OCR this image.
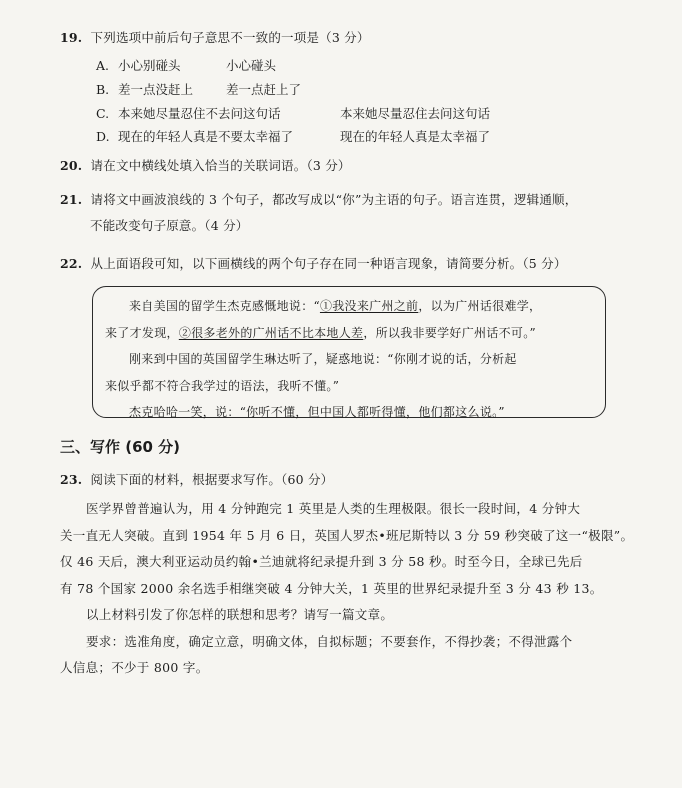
19. 下列选项中前后句子意思不一致的一项是（3 分）
A. 小心别碰头	小心碰头
B. 差一点没赶上	差一点赶上了
C. 本来她尽量忍住不去问这句话	本来她尽量忍住去问这句话
D. 现在的年轻人真是不要太幸福了	现在的年轻人真是太幸福了
20. 请在文中横线处填入恰当的关联词语。（3 分）
21. 请将文中画波浪线的 3 个句子，都改写成以“你”为主语的句子。语言连贯，逻辑通顺，
不能改变句子原意。（4 分）
22. 从上面语段可知，以下画横线的两个句子存在同一种语言现象，请简要分析。（5 分）

来自美国的留学生杰克感慨地说：“①我没来广州之前，以为广州话很难学，

来了才发现，②很多老外的广州话不比本地人差，所以我非要学好广州话不可。”

刚来到中国的英国留学生琳达听了，疑惑地说：“你刚才说的话，分析起

来似乎都不符合我学过的语法，我听不懂。”

杰克哈哈一笑，说：“你听不懂，但中国人都听得懂，他们都这么说。”

三、写作 (60 分)
23. 阅读下面的材料，根据要求写作。（60 分）

医学界曾普遍认为，用 4 分钟跑完 1 英里是人类的生理极限。很长一段时间，4 分钟大

关一直无人突破。直到 1954 年 5 月 6 日，英国人罗杰•班尼斯特以 3 分 59 秒突破了这一“极限”。

仅 46 天后，澳大利亚运动员约翰•兰迪就将纪录提升到 3 分 58 秒。时至今日，全球已先后

有 78 个国家 2000 余名选手相继突破 4 分钟大关，1 英里的世界纪录提升至 3 分 43 秒 13。

以上材料引发了你怎样的联想和思考？请写一篇文章。

要求：选准角度，确定立意，明确文体，自拟标题；不要套作，不得抄袭；不得泄露个

人信息；不少于 800 字。
